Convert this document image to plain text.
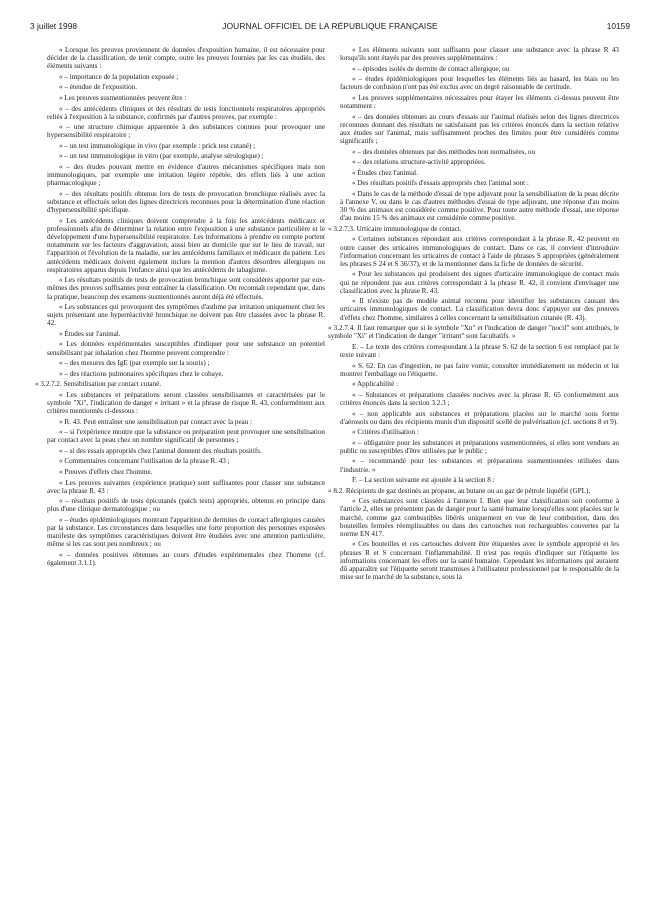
3 juillet 1998	JOURNAL OFFICIEL DE LA RÉPUBLIQUE FRANÇAISE	10159

« Lorsque les preuves proviennent de données d'exposition humaine, il est nécessaire pour décider de la classification, de tenir compte, outre les preuves fournies par les cas étudiés, des éléments suivants :

« – importance de la population exposée ;

« – étendue de l'exposition.

« Les preuves susmentionnées peuvent être :

« – des antécédents cliniques et des résultats de tests fonctionnels respiratoires appropriés reliés à l'exposition à la substance, confirmés par d'autres preuves, par exemple :

« – une structure chimique apparentée à des substances connues pour provoquer une hypersensibilité respiratoire ;

« – un test immunologique in vivo (par exemple : prick test cutané) ;

« – un test immunologique in vitro (par exemple, analyse sérologique) ;

« – des études pouvant mettre en évidence d'autres mécanismes spécifiques mais non immunologiques, par exemple une irritation légère répétée, des effets liés à une action pharmacologique ;

« – des résultats positifs obtenus lors de tests de provocation bronchique réalisés avec la substance et effectués selon des lignes directrices reconnues pour la détermination d'une réaction d'hypersensibilité spécifique.

« Les antécédents cliniques doivent comprendre à la fois les antécédents médicaux et professionnels afin de déterminer la relation entre l'exposition à une substance particulière et le développement d'une hypersensibilité respiratoire. Les informations à prendre en compte portent notamment sur les facteurs d'aggravation, aussi bien au domicile que sur le lieu de travail, sur l'apparition et l'évolution de la maladie, sur les antécédents familiaux et médicaux du patient. Les antécédents médicaux doivent également inclure la mention d'autres désordres allergiques ou respiratoires apparus depuis l'enfance ainsi que les antécédents de tabagisme.

« Les résultats positifs de tests de provocation bronchique sont considérés apporter par eux-mêmes des preuves suffisantes pour entraîner la classification. On reconnaît cependant que, dans la pratique, beaucoup des examens susmentionnés auront déjà été effectués.

« Les substances qui provoquent des symptômes d'asthme par irritation uniquement chez les sujets présentant une hyperréactivité bronchique ne doivent pas être classées avec la phrase R. 42.

« Études sur l'animal.

« Les données expérimentales susceptibles d'indiquer pour une substance un potentiel sensibilisant par inhalation chez l'homme peuvent comprendre :

« – des mesures des IgE (par exemple sur la souris) ;

« – des réactions pulmonaires spécifiques chez le cobaye.

« 3.2.7.2. Sensibilisation par contact cutané.

« Les substances et préparations seront classées sensibilisantes et caractérisées par le symbole "Xi", l'indication de danger « irritant » et la phrase de risque R. 43, conformément aux critères mentionnés ci-dessous :

« R. 43. Peut entraîner une sensibilisation par contact avec la peau :

« – si l'expérience montre que la substance ou préparation peut provoquer une sensibilisation par contact avec la peau chez un nombre significatif de personnes ;

« – si des essais appropriés chez l'animal donnent des résultats positifs.

« Commentaires concernant l'utilisation de la phrase R. 43 ;

« Preuves d'effets chez l'homme.

« Les preuves suivantes (expérience pratique) sont suffisantes pour classer une substance avec la phrase R. 43 :

« – résultats positifs de tests épicutanés (patch tests) appropriés, obtenus en principe dans plus d'une clinique dermatologique ; ou

« – études épidémiologiques montrant l'apparition de dermites de contact allergiques causées par la substance. Les circonstances dans lesquelles une forte proportion des personnes exposées manifeste des symptômes caractéristiques doivent être étudiées avec une attention particulière, même si les cas sont peu nombreux ; ou

« – données positives obtenues au cours d'études expérimentales chez l'homme (cf. également 3.1.1).

« Les éléments suivants sont suffisants pour classer une substance avec la phrase R 43 lorsqu'ils sont étayés par des preuves supplémentaires :

« – épisodes isolés de dermite de contact allergique, ou

« – études épidémiologiques pour lesquelles les éléments liés au hasard, les biais ou les facteurs de confusion n'ont pas été exclus avec un degré raisonnable de certitude.

« Les preuves supplémentaires nécessaires pour étayer les éléments ci-dessus peuvent être notamment :

« – des données obtenues au cours d'essais sur l'animal réalisés selon des lignes directrices reconnues donnant des résultats ne satisfaisant pas les critères énoncés dans la section relative aux études sur l'animal, mais suffisamment proches des limites pour être considérés comme significatifs ;

« – des données obtenues par des méthodes non normalisées, ou

« – des relations structure-activité appropriées.

« Études chez l'animal.

« Des résultats positifs d'essais appropriés chez l'animal sont :

« Dans le cas de la méthode d'essai de type adjuvant pour la sensibilisation de la peau décrite à l'annexe V, ou dans le cas d'autres méthodes d'essai de type adjuvant, une réponse d'au moins 30 % des animaux est considérée comme positive. Pour toute autre méthode d'essai, une réponse d'au moins 15 % des animaux est considérée comme positive.

« 3.2.7.3. Urticaire immunologique de contact.

« Certaines substances répondant aux critères correspondant à la phrase R. 42 peuvent en outre causer des urticaires immunologiques de contact. Dans ce cas, il convient d'introduire l'information concernant les urticaires de contact à l'aide de phrases S appropriées (généralement les phrases S 24 et S 36/37), et de la mentionner dans la fiche de données de sécurité.

« Pour les substances qui produisent des signes d'urticaire immunologique de contact mais qui ne répondent pas aux critères correspondant à la phrase R. 42, il convient d'envisager une classification avec la phrase R. 43.

« Il n'existe pas de modèle animal reconnu pour identifier les substances causant des urticaires immunologiques de contact. La classification devra donc s'appuyer sur des preuves d'effets chez l'homme, similaires à celles concernant la sensibilisation cutanée (R. 43).

« 3.2.7.4. Il faut remarquer que si le symbole "Xn" et l'indication de danger "nocif" sont attribués, le symbole "Xi" et l'indication de danger "irritant" sont facultatifs. »

E. – Le texte des critères correspondant à la phrase S. 62 de la section 6 est remplacé par le texte suivant :

« S. 62. En cas d'ingestion, ne pas faire vomir, consulter immédiatement un médecin et lui montrer l'emballage ou l'étiquette.

« Applicabilité :

« – Substances et préparations classées nocives avec la phrase R. 65 conformément aux critères énoncés dans la section 3.2.3 ;

« – non applicable aux substances et préparations placées sur le marché sous forme d'aérosols ou dans des récipients munis d'un dispositif scellé de pulvérisation (cf. sections 8 et 9).

« Critères d'utilisation :

« – obligatoire pour les substances et préparations susmentionnées, si elles sont vendues au public ou susceptibles d'être utilisées par le public ;

« – recommandé pour les substances et préparations susmentionnées utilisées dans l'industrie. »

F. – La section suivante est ajoutée à la section 8 :

« 8.2. Récipients de gaz destinés au propane, au butane ou au gaz de pétrole liquéfié (GPL).

« Ces substances sont classées à l'annexe I. Bien que leur classification soit conforme à l'article 2, elles ne présentent pas de danger pour la santé humaine lorsqu'elles sont placées sur le marché, comme gaz combustibles libérés uniquement en vue de leur combustion, dans des bouteilles fermées réemplissables ou dans des cartouches non rechargeables couvertes par la norme EN 417.

« Ces bouteilles et ces cartouches doivent être étiquetées avec le symbole approprié et les phrases R et S concernant l'inflammabilité. Il n'est pas requis d'indiquer sur l'étiquette les informations concernant les effets sur la santé humaine. Cependant les informations qui auraient dû apparaître sur l'étiquette seront transmises à l'utilisateur professionnel par le responsable de la mise sur le marché de la substance, sous la
